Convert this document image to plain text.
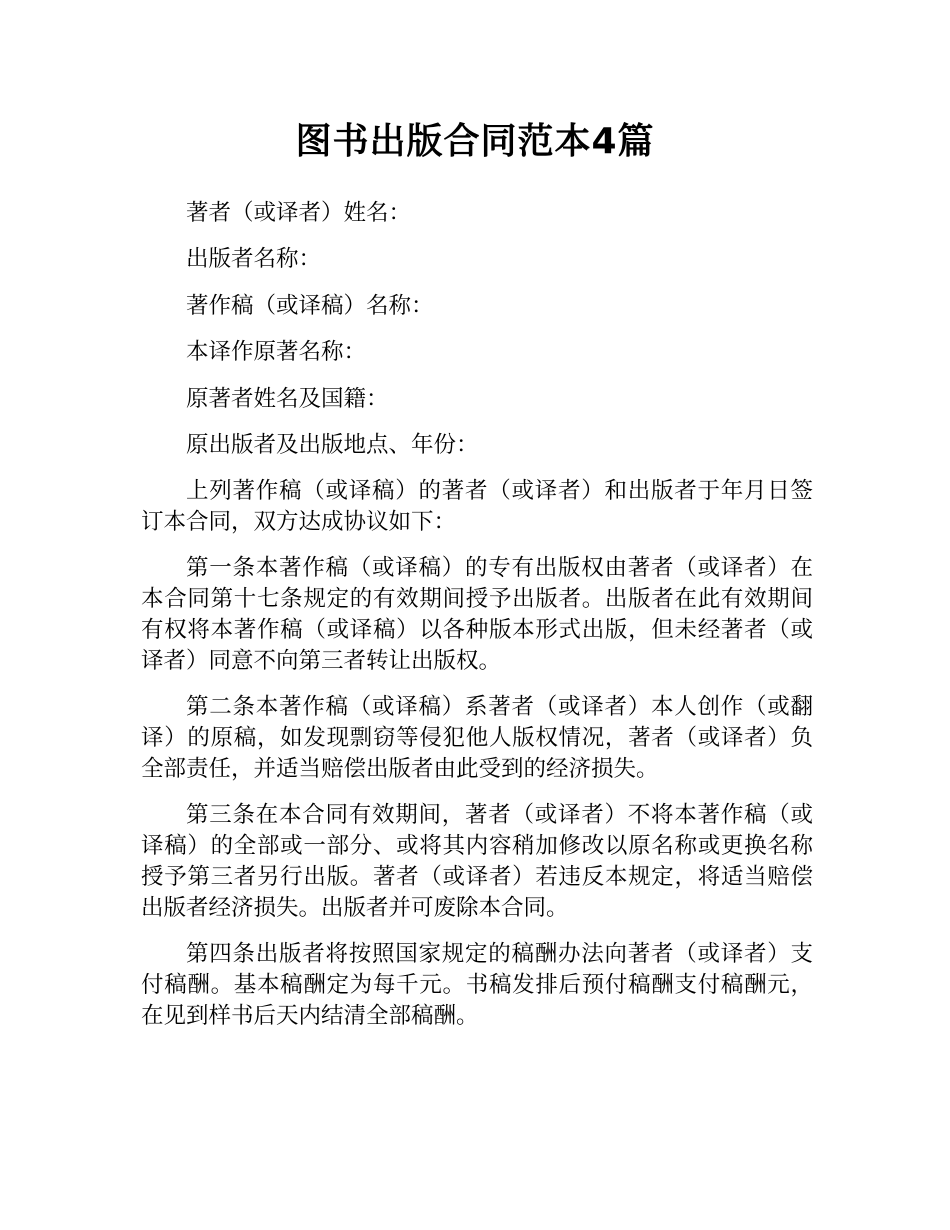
图书出版合同范本4篇

著者（或译者）姓名：

出版者名称：

著作稿（或译稿）名称：

本译作原著名称：

原著者姓名及国籍：

原出版者及出版地点、年份：

上列著作稿（或译稿）的著者（或译者）和出版者于年月日签订本合同，双方达成协议如下：

第一条本著作稿（或译稿）的专有出版权由著者（或译者）在本合同第十七条规定的有效期间授予出版者。出版者在此有效期间有权将本著作稿（或译稿）以各种版本形式出版，但未经著者（或译者）同意不向第三者转让出版权。

第二条本著作稿（或译稿）系著者（或译者）本人创作（或翻译）的原稿，如发现剽窃等侵犯他人版权情况，著者（或译者）负全部责任，并适当赔偿出版者由此受到的经济损失。

第三条在本合同有效期间，著者（或译者）不将本著作稿（或译稿）的全部或一部分、或将其内容稍加修改以原名称或更换名称授予第三者另行出版。著者（或译者）若违反本规定，将适当赔偿出版者经济损失。出版者并可废除本合同。

第四条出版者将按照国家规定的稿酬办法向著者（或译者）支付稿酬。基本稿酬定为每千元。书稿发排后预付稿酬支付稿酬元，在见到样书后天内结清全部稿酬。
